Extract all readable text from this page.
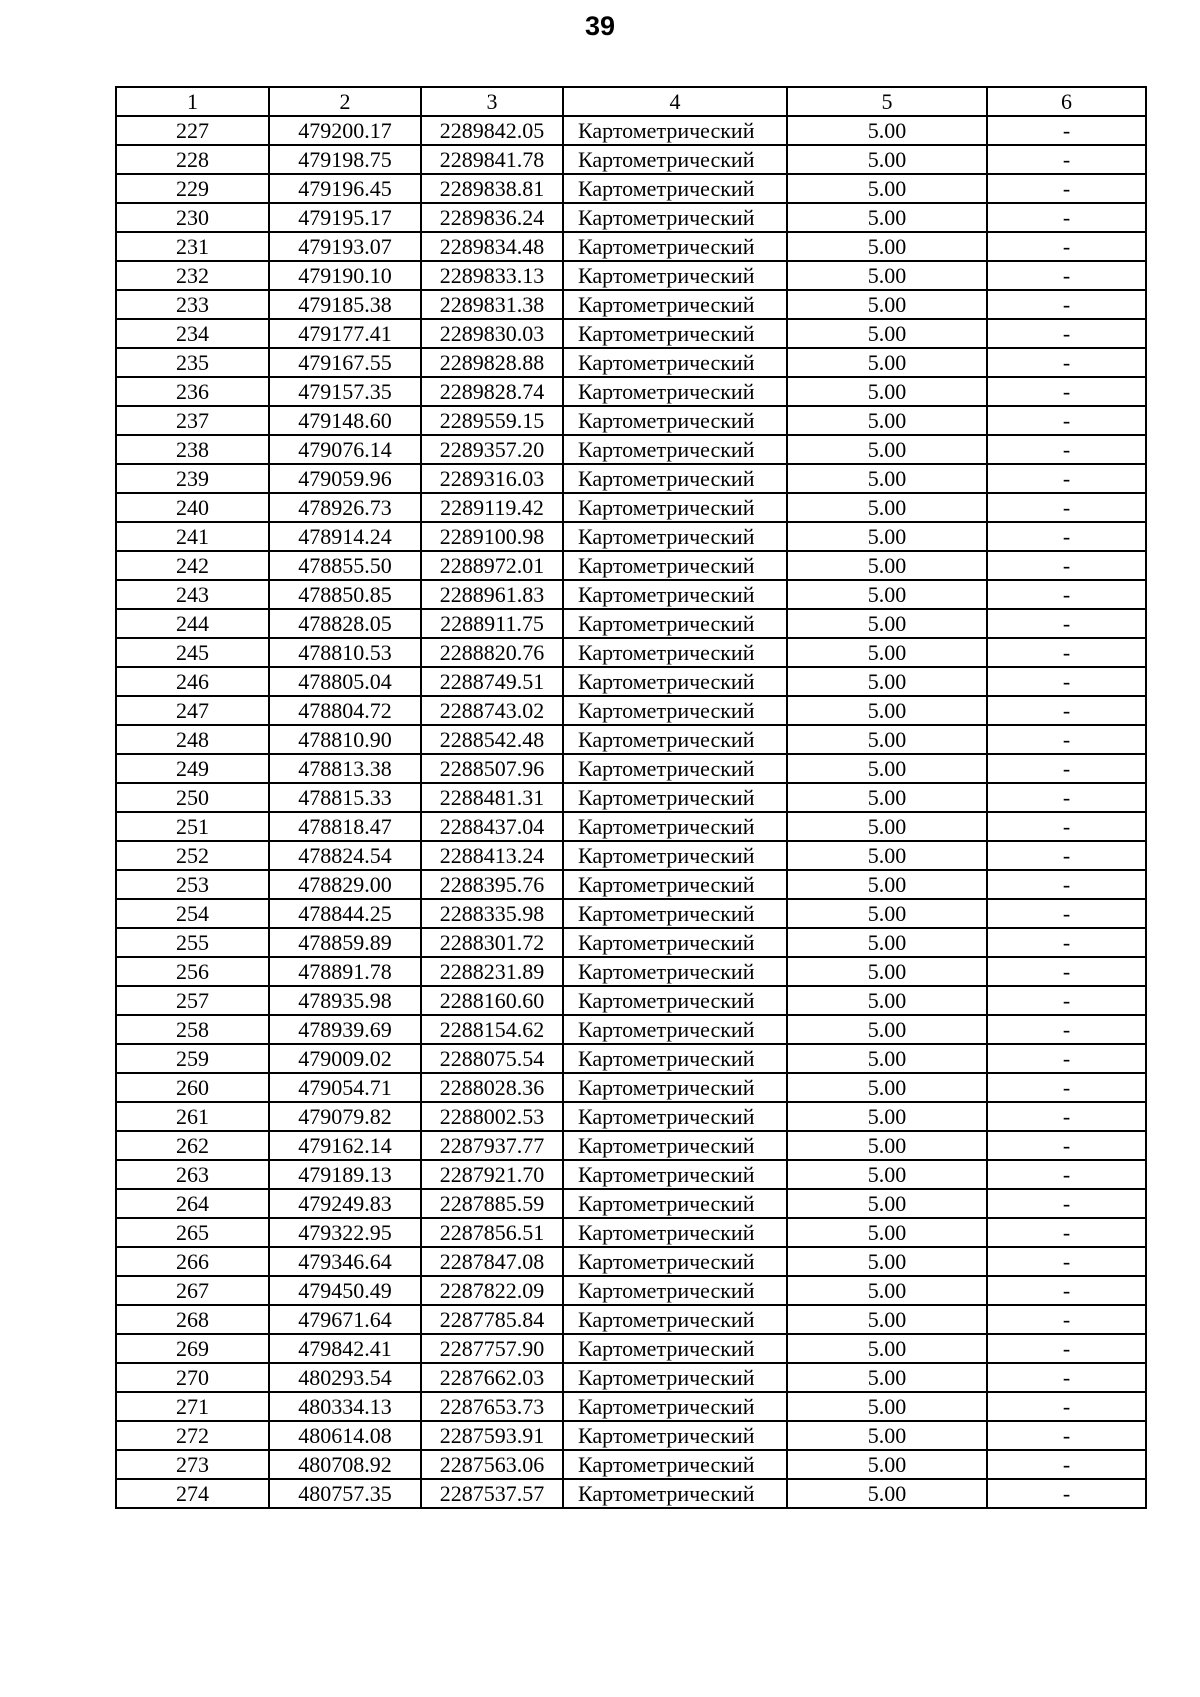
39
1	2	3	4	5	6
227	479200.17	2289842.05	Картометрический	5.00	-
228	479198.75	2289841.78	Картометрический	5.00	-
229	479196.45	2289838.81	Картометрический	5.00	-
230	479195.17	2289836.24	Картометрический	5.00	-
231	479193.07	2289834.48	Картометрический	5.00	-
232	479190.10	2289833.13	Картометрический	5.00	-
233	479185.38	2289831.38	Картометрический	5.00	-
234	479177.41	2289830.03	Картометрический	5.00	-
235	479167.55	2289828.88	Картометрический	5.00	-
236	479157.35	2289828.74	Картометрический	5.00	-
237	479148.60	2289559.15	Картометрический	5.00	-
238	479076.14	2289357.20	Картометрический	5.00	-
239	479059.96	2289316.03	Картометрический	5.00	-
240	478926.73	2289119.42	Картометрический	5.00	-
241	478914.24	2289100.98	Картометрический	5.00	-
242	478855.50	2288972.01	Картометрический	5.00	-
243	478850.85	2288961.83	Картометрический	5.00	-
244	478828.05	2288911.75	Картометрический	5.00	-
245	478810.53	2288820.76	Картометрический	5.00	-
246	478805.04	2288749.51	Картометрический	5.00	-
247	478804.72	2288743.02	Картометрический	5.00	-
248	478810.90	2288542.48	Картометрический	5.00	-
249	478813.38	2288507.96	Картометрический	5.00	-
250	478815.33	2288481.31	Картометрический	5.00	-
251	478818.47	2288437.04	Картометрический	5.00	-
252	478824.54	2288413.24	Картометрический	5.00	-
253	478829.00	2288395.76	Картометрический	5.00	-
254	478844.25	2288335.98	Картометрический	5.00	-
255	478859.89	2288301.72	Картометрический	5.00	-
256	478891.78	2288231.89	Картометрический	5.00	-
257	478935.98	2288160.60	Картометрический	5.00	-
258	478939.69	2288154.62	Картометрический	5.00	-
259	479009.02	2288075.54	Картометрический	5.00	-
260	479054.71	2288028.36	Картометрический	5.00	-
261	479079.82	2288002.53	Картометрический	5.00	-
262	479162.14	2287937.77	Картометрический	5.00	-
263	479189.13	2287921.70	Картометрический	5.00	-
264	479249.83	2287885.59	Картометрический	5.00	-
265	479322.95	2287856.51	Картометрический	5.00	-
266	479346.64	2287847.08	Картометрический	5.00	-
267	479450.49	2287822.09	Картометрический	5.00	-
268	479671.64	2287785.84	Картометрический	5.00	-
269	479842.41	2287757.90	Картометрический	5.00	-
270	480293.54	2287662.03	Картометрический	5.00	-
271	480334.13	2287653.73	Картометрический	5.00	-
272	480614.08	2287593.91	Картометрический	5.00	-
273	480708.92	2287563.06	Картометрический	5.00	-
274	480757.35	2287537.57	Картометрический	5.00	-
